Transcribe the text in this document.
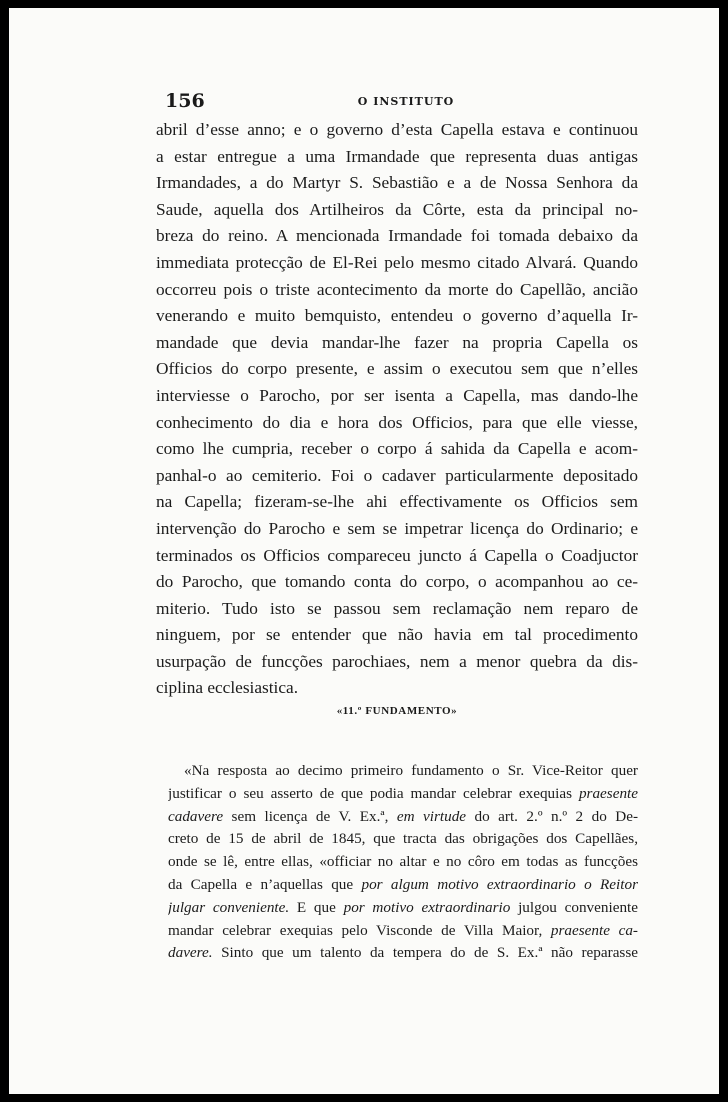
156	O INSTITUTO
abril d’esse anno; e o governo d’esta Capella estava e continuou
a estar entregue a uma Irmandade que representa duas antigas
Irmandades, a do Martyr S. Sebastião e a de Nossa Senhora da
Saude, aquella dos Artilheiros da Côrte, esta da principal no-
breza do reino. A mencionada Irmandade foi tomada debaixo da
immediata protecção de El-Rei pelo mesmo citado Alvará. Quando
occorreu pois o triste acontecimento da morte do Capellão, ancião
venerando e muito bemquisto, entendeu o governo d’aquella Ir-
mandade que devia mandar-lhe fazer na propria Capella os
Officios do corpo presente, e assim o executou sem que n’elles
interviesse o Parocho, por ser isenta a Capella, mas dando-lhe
conhecimento do dia e hora dos Officios, para que elle viesse,
como lhe cumpria, receber o corpo á sahida da Capella e acom-
panhal-o ao cemiterio. Foi o cadaver particularmente depositado
na Capella; fizeram-se-lhe ahi effectivamente os Officios sem
intervenção do Parocho e sem se impetrar licença do Ordinario; e
terminados os Officios compareceu juncto á Capella o Coadjuctor
do Parocho, que tomando conta do corpo, o acompanhou ao ce-
miterio. Tudo isto se passou sem reclamação nem reparo de
ninguem, por se entender que não havia em tal procedimento
usurpação de funcções parochiaes, nem a menor quebra da dis-
ciplina ecclesiastica.
«11.º FUNDAMENTO»
«Na resposta ao decimo primeiro fundamento o Sr. Vice-Reitor quer
justificar o seu asserto de que podia mandar celebrar exequias praesente
cadavere sem licença de V. Ex.ª, em virtude do art. 2.º n.º 2 do De-
creto de 15 de abril de 1845, que tracta das obrigações dos Capellães,
onde se lê, entre ellas, «officiar no altar e no côro em todas as funcções
da Capella e n’aquellas que por algum motivo extraordinario o Reitor
julgar conveniente. E que por motivo extraordinario julgou conveniente
mandar celebrar exequias pelo Visconde de Villa Maior, praesente ca-
davere. Sinto que um talento da tempera do de S. Ex.ª não reparasse
